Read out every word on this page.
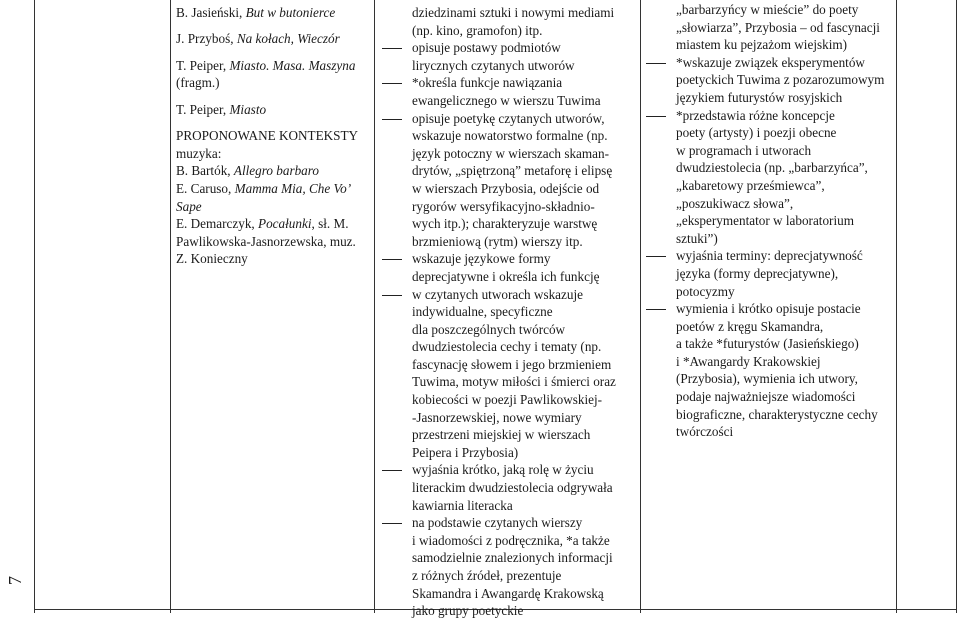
7

B. Jasieński, But w butonierce

J. Przyboś, Na kołach, Wieczór

T. Peiper, Miasto. Masa. Maszyna

(fragm.)

T. Peiper, Miasto

PROPONOWANE KONTEKSTY

muzyka:

B. Bartók, Allegro barbaro

E. Caruso, Mamma Mia, Che Vo’

Sape

E. Demarczyk, Pocałunki, sł. M.

Pawlikowska-Jasnorzewska, muz.

Z. Konieczny

dziedzinami sztuki i nowymi mediami

(np. kino, gramofon) itp.

opisuje postawy podmiotów
lirycznych czytanych utworów
*określa funkcje nawiązania
ewangelicznego w wierszu Tuwima
opisuje poetykę czytanych utworów,
wskazuje nowatorstwo formalne (np.
język potoczny w wierszach skaman-
drytów, „spiętrzoną” metaforę i elipsę
w wierszach Przybosia, odejście od
rygorów wersyfikacyjno-składnio-
wych itp.); charakteryzuje warstwę
brzmieniową (rytm) wierszy itp.
wskazuje językowe formy
deprecjatywne i określa ich funkcję
w czytanych utworach wskazuje
indywidualne, specyficzne
dla poszczególnych twórców
dwudziestolecia cechy i tematy (np.
fascynację słowem i jego brzmieniem
Tuwima, motyw miłości i śmierci oraz
kobiecości w poezji Pawlikowskiej-
-Jasnorzewskiej, nowe wymiary
przestrzeni miejskiej w wierszach
Peipera i Przybosia)
wyjaśnia krótko, jaką rolę w życiu
literackim dwudziestolecia odgrywała
kawiarnia literacka
na podstawie czytanych wierszy
i wiadomości z podręcznika, *a także
samodzielnie znalezionych informacji
z różnych źródeł, prezentuje
Skamandra i Awangardę Krakowską
jako grupy poetyckie

„barbarzyńcy w mieście” do poety

„słowiarza”, Przybosia – od fascynacji

miastem ku pejzażom wiejskim)

*wskazuje związek eksperymentów
poetyckich Tuwima z pozarozumowym
językiem futurystów rosyjskich
*przedstawia różne koncepcje
poety (artysty) i poezji obecne
w programach i utworach
dwudziestolecia (np. „barbarzyńca”,
„kabaretowy prześmiewca”,
„poszukiwacz słowa”,
„eksperymentator w laboratorium
sztuki”)
wyjaśnia terminy: deprecjatywność
języka (formy deprecjatywne),
potocyzmy
wymienia i krótko opisuje postacie
poetów z kręgu Skamandra,
a także *futurystów (Jasieńskiego)
i *Awangardy Krakowskiej
(Przybosia), wymienia ich utwory,
podaje najważniejsze wiadomości
biograficzne, charakterystyczne cechy
twórczości
